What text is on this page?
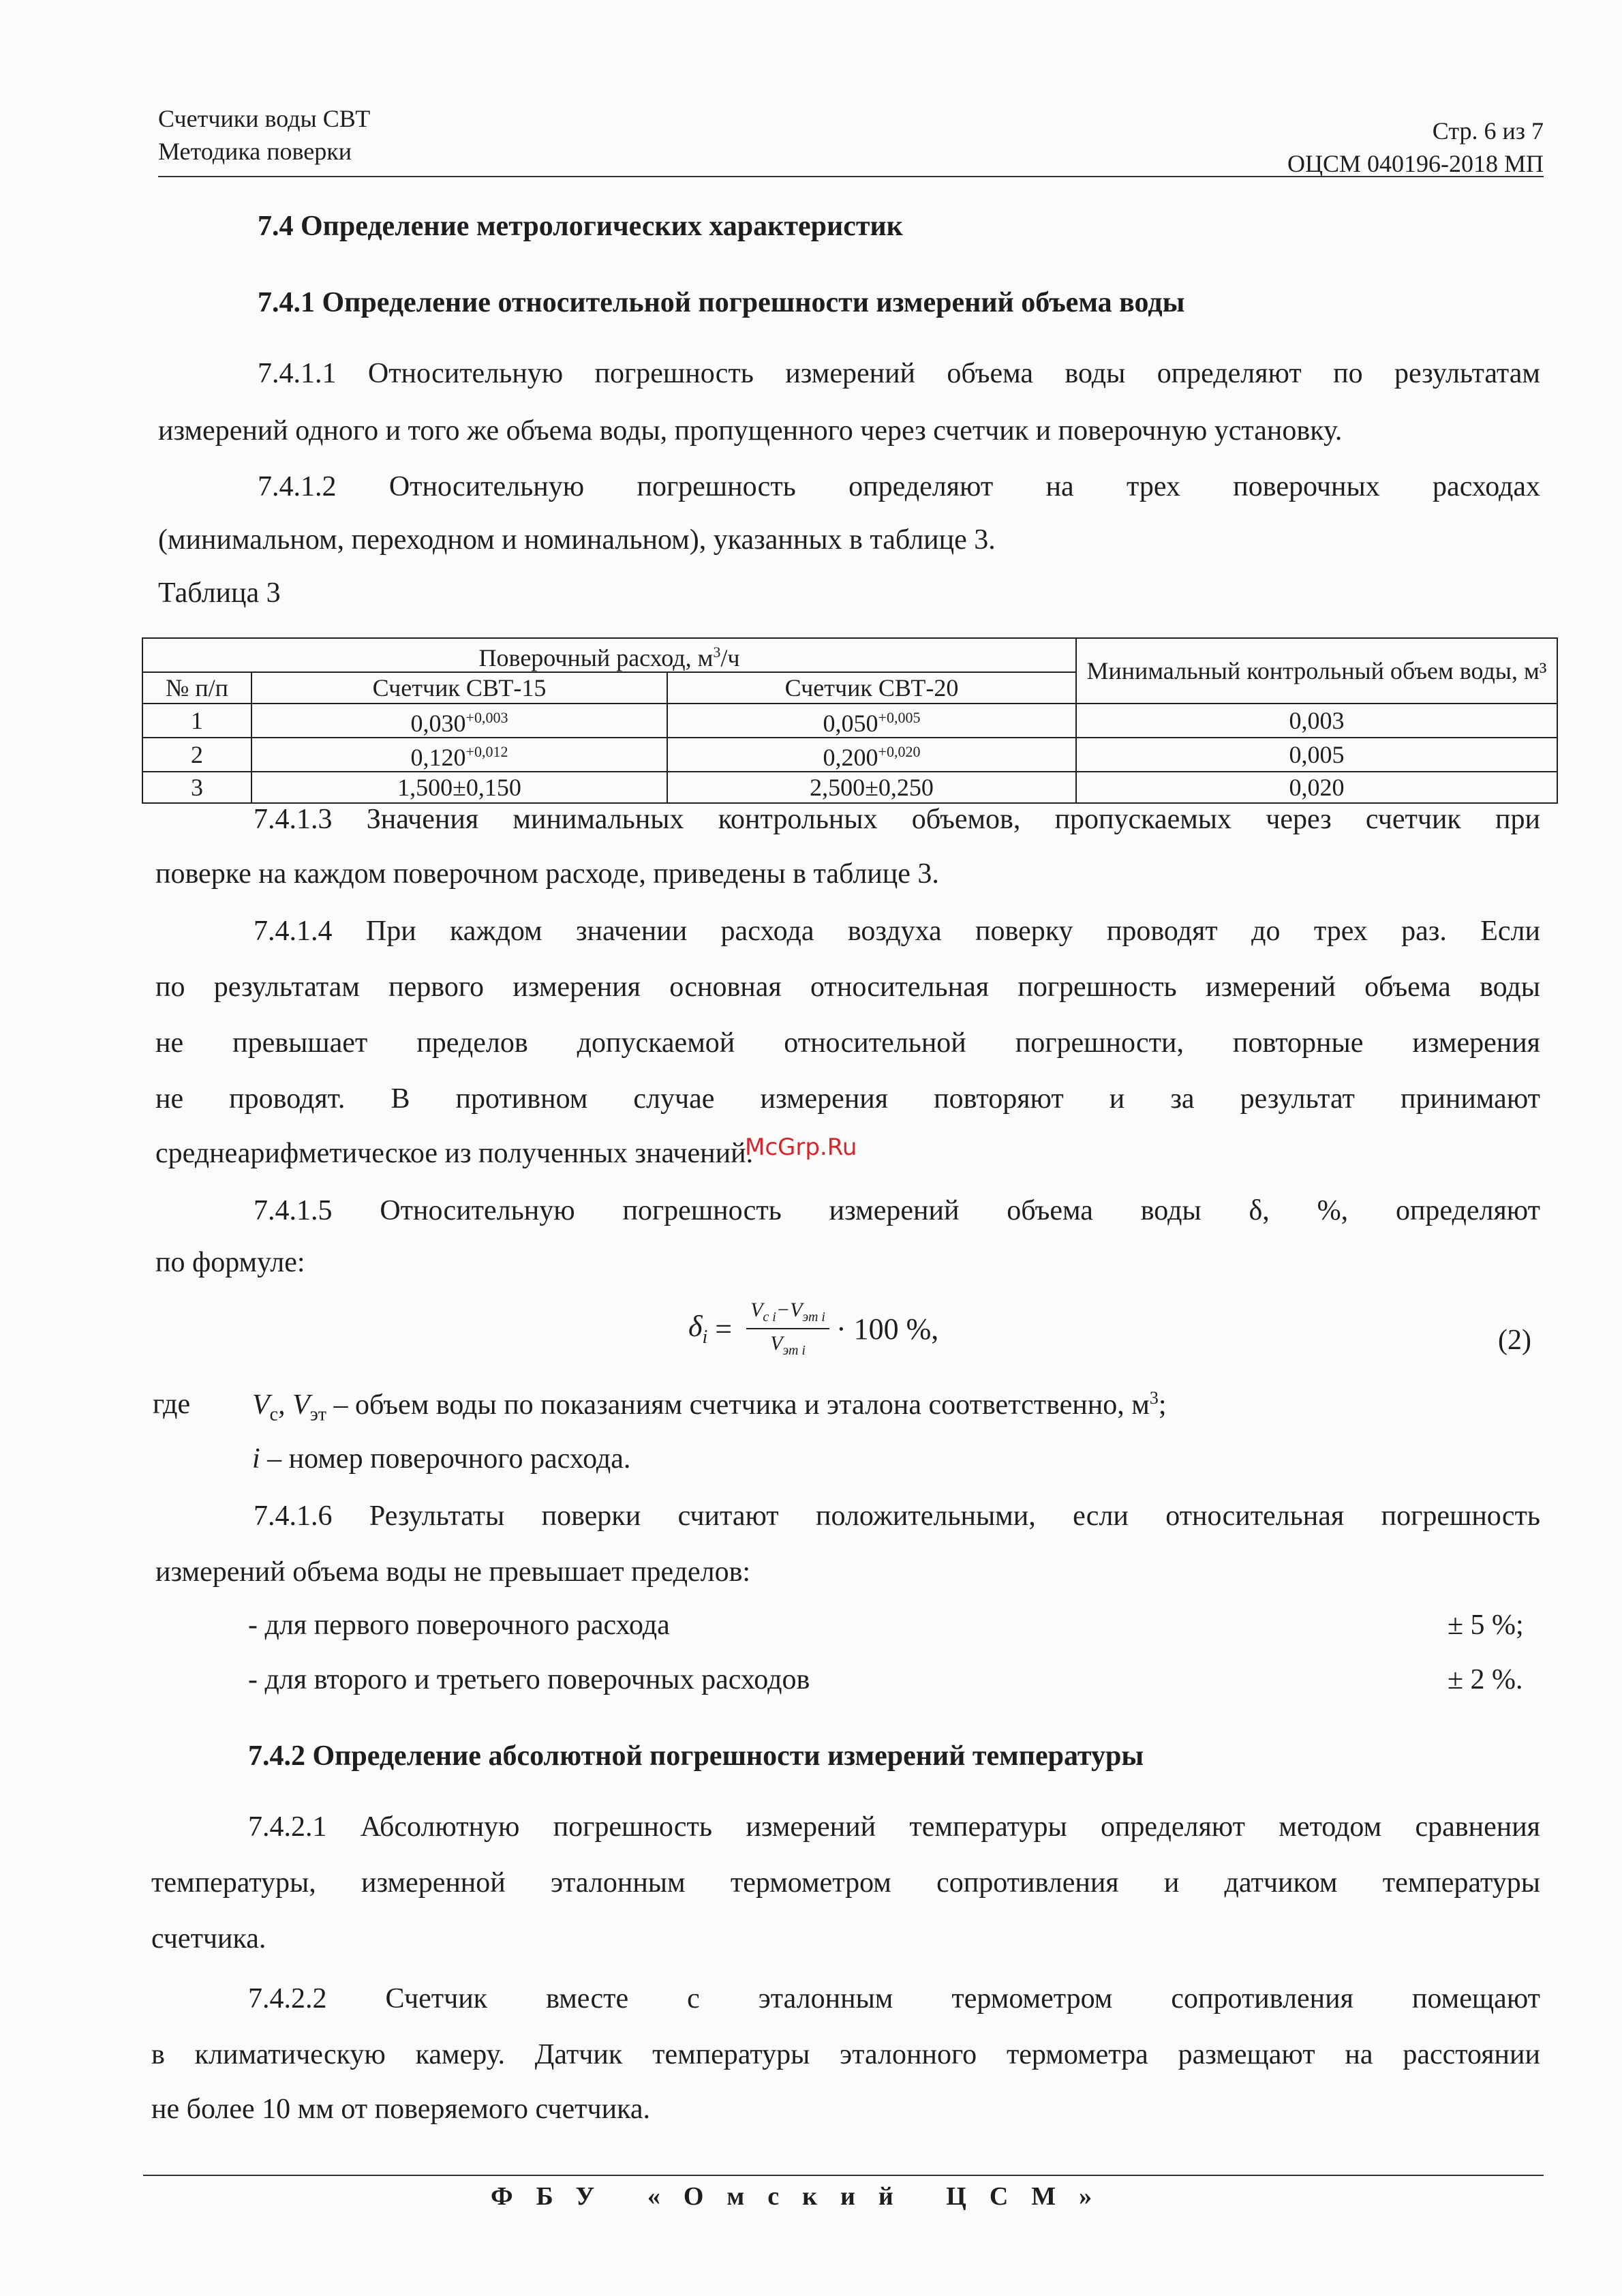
Счетчики воды СВТ
Методика поверки
Стр. 6 из 7
ОЦСМ 040196-2018 МП
7.4 Определение метрологических характеристик
7.4.1 Определение относительной погрешности измерений объема воды
7.4.1.1 Относительную погрешность измерений объема воды определяют по результатам
измерений одного и того же объема воды, пропущенного через счетчик и поверочную установку.
7.4.1.2 Относительную погрешность определяют на трех поверочных расходах
(минимальном, переходном и номинальном), указанных в таблице 3.
Таблица 3
Поверочный расход, $м^3/ч$			Минимальный контрольный объем воды, м³
№ п/п	Счетчик СВТ-15	Счетчик СВТ-20	
1	$0,030^{+0,003}$	$0,050^{+0,005}$	0,003
2	$0,120^{+0,012}$	$0,200^{+0,020}$	0,005
3	1,500±0,150	2,500±0,250	0,020
7.4.1.3 Значения минимальных контрольных объемов, пропускаемых через счетчик при
поверке на каждом поверочном расходе, приведены в таблице 3.
7.4.1.4 При каждом значении расхода воздуха поверку проводят до трех раз. Если
по результатам первого измерения основная относительная погрешность измерений объема воды
не превышает пределов допускаемой относительной погрешности, повторные измерения
не проводят. В противном случае измерения повторяют и за результат принимают
среднеарифметическое из полученных значений.
7.4.1.5 Относительную погрешность измерений объема воды δ, %, определяют
по формуле:
$\delta_i = \frac{V_{с i}-V_{эт i}}{V_{эт i}} \cdot 100$ %,	(2)
где $V_с$, $V_{эт}$ – объем воды по показаниям счетчика и эталона соответственно, $м^3$;
i – номер поверочного расхода.
7.4.1.6 Результаты поверки считают положительными, если относительная погрешность
измерений объема воды не превышает пределов:
- для первого поверочного расхода	± 5 %;
- для второго и третьего поверочных расходов	± 2 %.
7.4.2 Определение абсолютной погрешности измерений температуры
7.4.2.1 Абсолютную погрешность измерений температуры определяют методом сравнения
температуры, измеренной эталонным термометром сопротивления и датчиком температуры
счетчика.
7.4.2.2 Счетчик вместе с эталонным термометром сопротивления помещают
в климатическую камеру. Датчик температуры эталонного термометра размещают на расстоянии
не более 10 мм от поверяемого счетчика.
ФБУ «Омский ЦСМ»
McGrp.Ru
